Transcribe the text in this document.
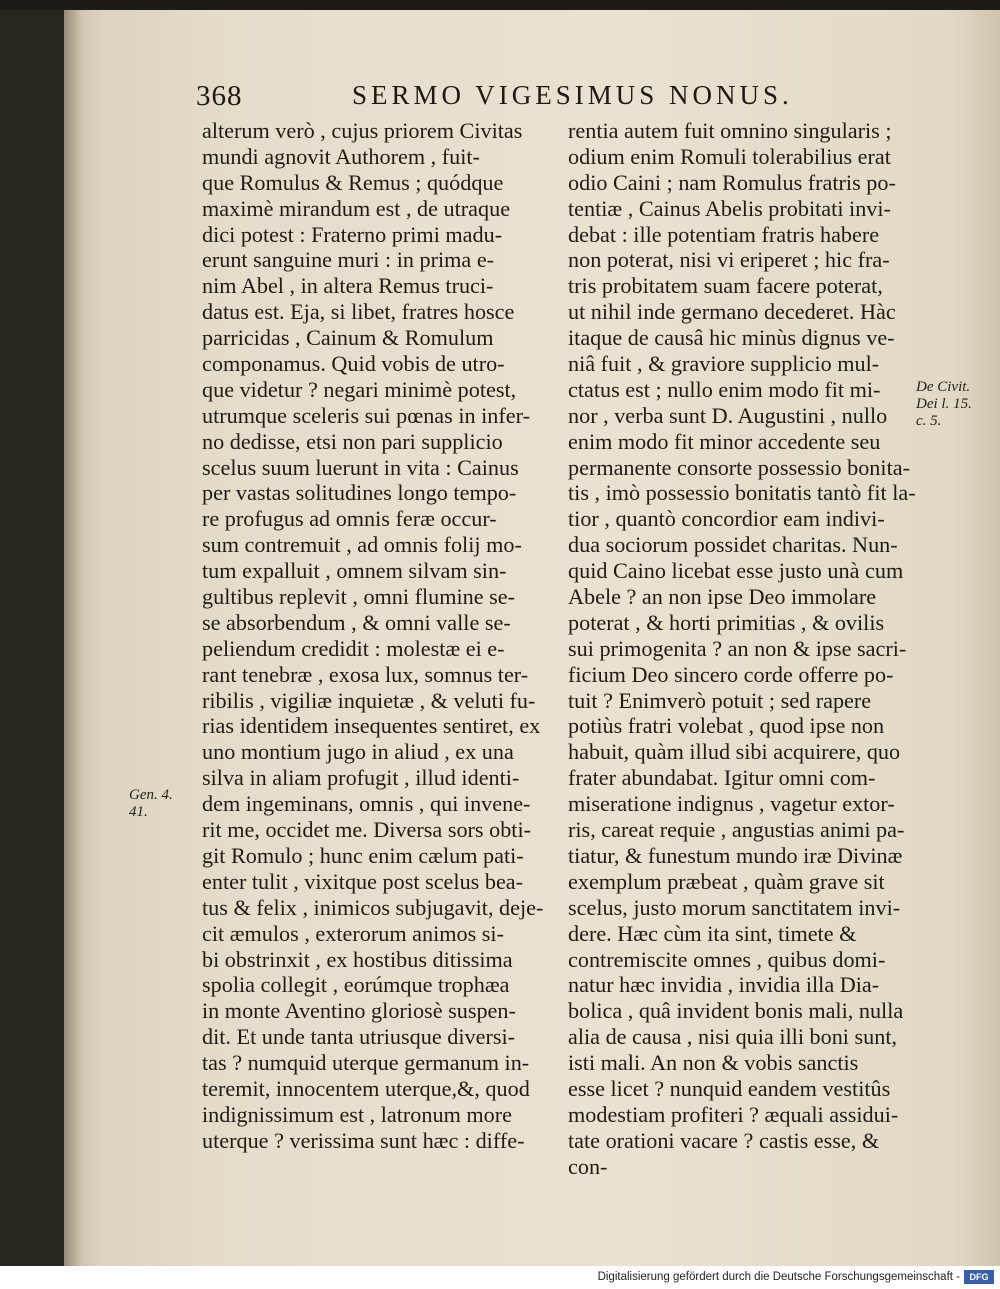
368	SERMO VIGESIMUS NONUS.
alterum verò , cujus priorem Civitas
mundi agnovit Authorem , fuit-
que Romulus & Remus ; quódque
maximè mirandum est , de utraque
dici potest : Fraterno primi madu-
erunt sanguine muri : in prima e-
nim Abel , in altera Remus truci-
datus est. Eja, si libet, fratres hosce
parricidas , Cainum & Romulum
componamus. Quid vobis de utro-
que videtur ? negari minimè potest,
utrumque sceleris sui pœnas in infer-
no dedisse, etsi non pari supplicio
scelus suum luerunt in vita : Cainus
per vastas solitudines longo tempo-
re profugus ad omnis feræ occur-
sum contremuit , ad omnis folij mo-
tum expalluit , omnem silvam sin-
gultibus replevit , omni flumine se-
se absorbendum , & omni valle se-
peliendum credidit : molestæ ei e-
rant tenebræ , exosa lux, somnus ter-
ribilis , vigiliæ inquietæ , & veluti fu-
rias identidem insequentes sentiret, ex
uno montium jugo in aliud , ex una
silva in aliam profugit , illud identi-
dem ingeminans, omnis , qui invene-
rit me, occidet me. Diversa sors obti-
git Romulo ; hunc enim cælum pati-
enter tulit , vixitque post scelus bea-
tus & felix , inimicos subjugavit, deje-
cit æmulos , exterorum animos si-
bi obstrinxit , ex hostibus ditissima
spolia collegit , eorúmque trophæa
in monte Aventino gloriosè suspen-
dit. Et unde tanta utriusque diversi-
tas ? numquid uterque germanum in-
teremit, innocentem uterque,&, quod
indignissimum est , latronum more
uterque ? verissima sunt hæc : diffe-
rentia autem fuit omnino singularis ;
odium enim Romuli tolerabilius erat
odio Caini ; nam Romulus fratris po-
tentiæ , Cainus Abelis probitati invi-
debat : ille potentiam fratris habere
non poterat, nisi vi eriperet ; hic fra-
tris probitatem suam facere poterat,
ut nihil inde germano decederet. Hàc
itaque de causâ hic minùs dignus ve-
niâ fuit , & graviore supplicio mul-
ctatus est ; nullo enim modo fit mi-
nor , verba sunt D. Augustini , nullo
enim modo fit minor accedente seu
permanente consorte possessio bonita-
tis , imò possessio bonitatis tantò fit la-
tior , quantò concordior eam indivi-
dua sociorum possidet charitas. Nun-
quid Caino licebat esse justo unà cum
Abele ? an non ipse Deo immolare
poterat , & horti primitias , & ovilis
sui primogenita ? an non & ipse sacri-
ficium Deo sincero corde offerre po-
tuit ? Enimverò potuit ; sed rapere
potiùs fratri volebat , quod ipse non
habuit, quàm illud sibi acquirere, quo
frater abundabat. Igitur omni com-
miseratione indignus , vagetur extor-
ris, careat requie , angustias animi pa-
tiatur, & funestum mundo iræ Divinæ
exemplum præbeat , quàm grave sit
scelus, justo morum sanctitatem invi-
dere. Hæc cùm ita sint, timete &
contremiscite omnes , quibus domi-
natur hæc invidia , invidia illa Dia-
bolica , quâ invident bonis mali, nulla
alia de causa , nisi quia illi boni sunt,
isti mali. An non & vobis sanctis
esse licet ? nunquid eandem vestitûs
modestiam profiteri ? æquali assidui-
tate orationi vacare ? castis esse, &
con-
Gen. 4.
41.
De Civit.
Dei l. 15.
c. 5.
Digitalisierung gefördert durch die Deutsche Forschungsgemeinschaft -	DFG
